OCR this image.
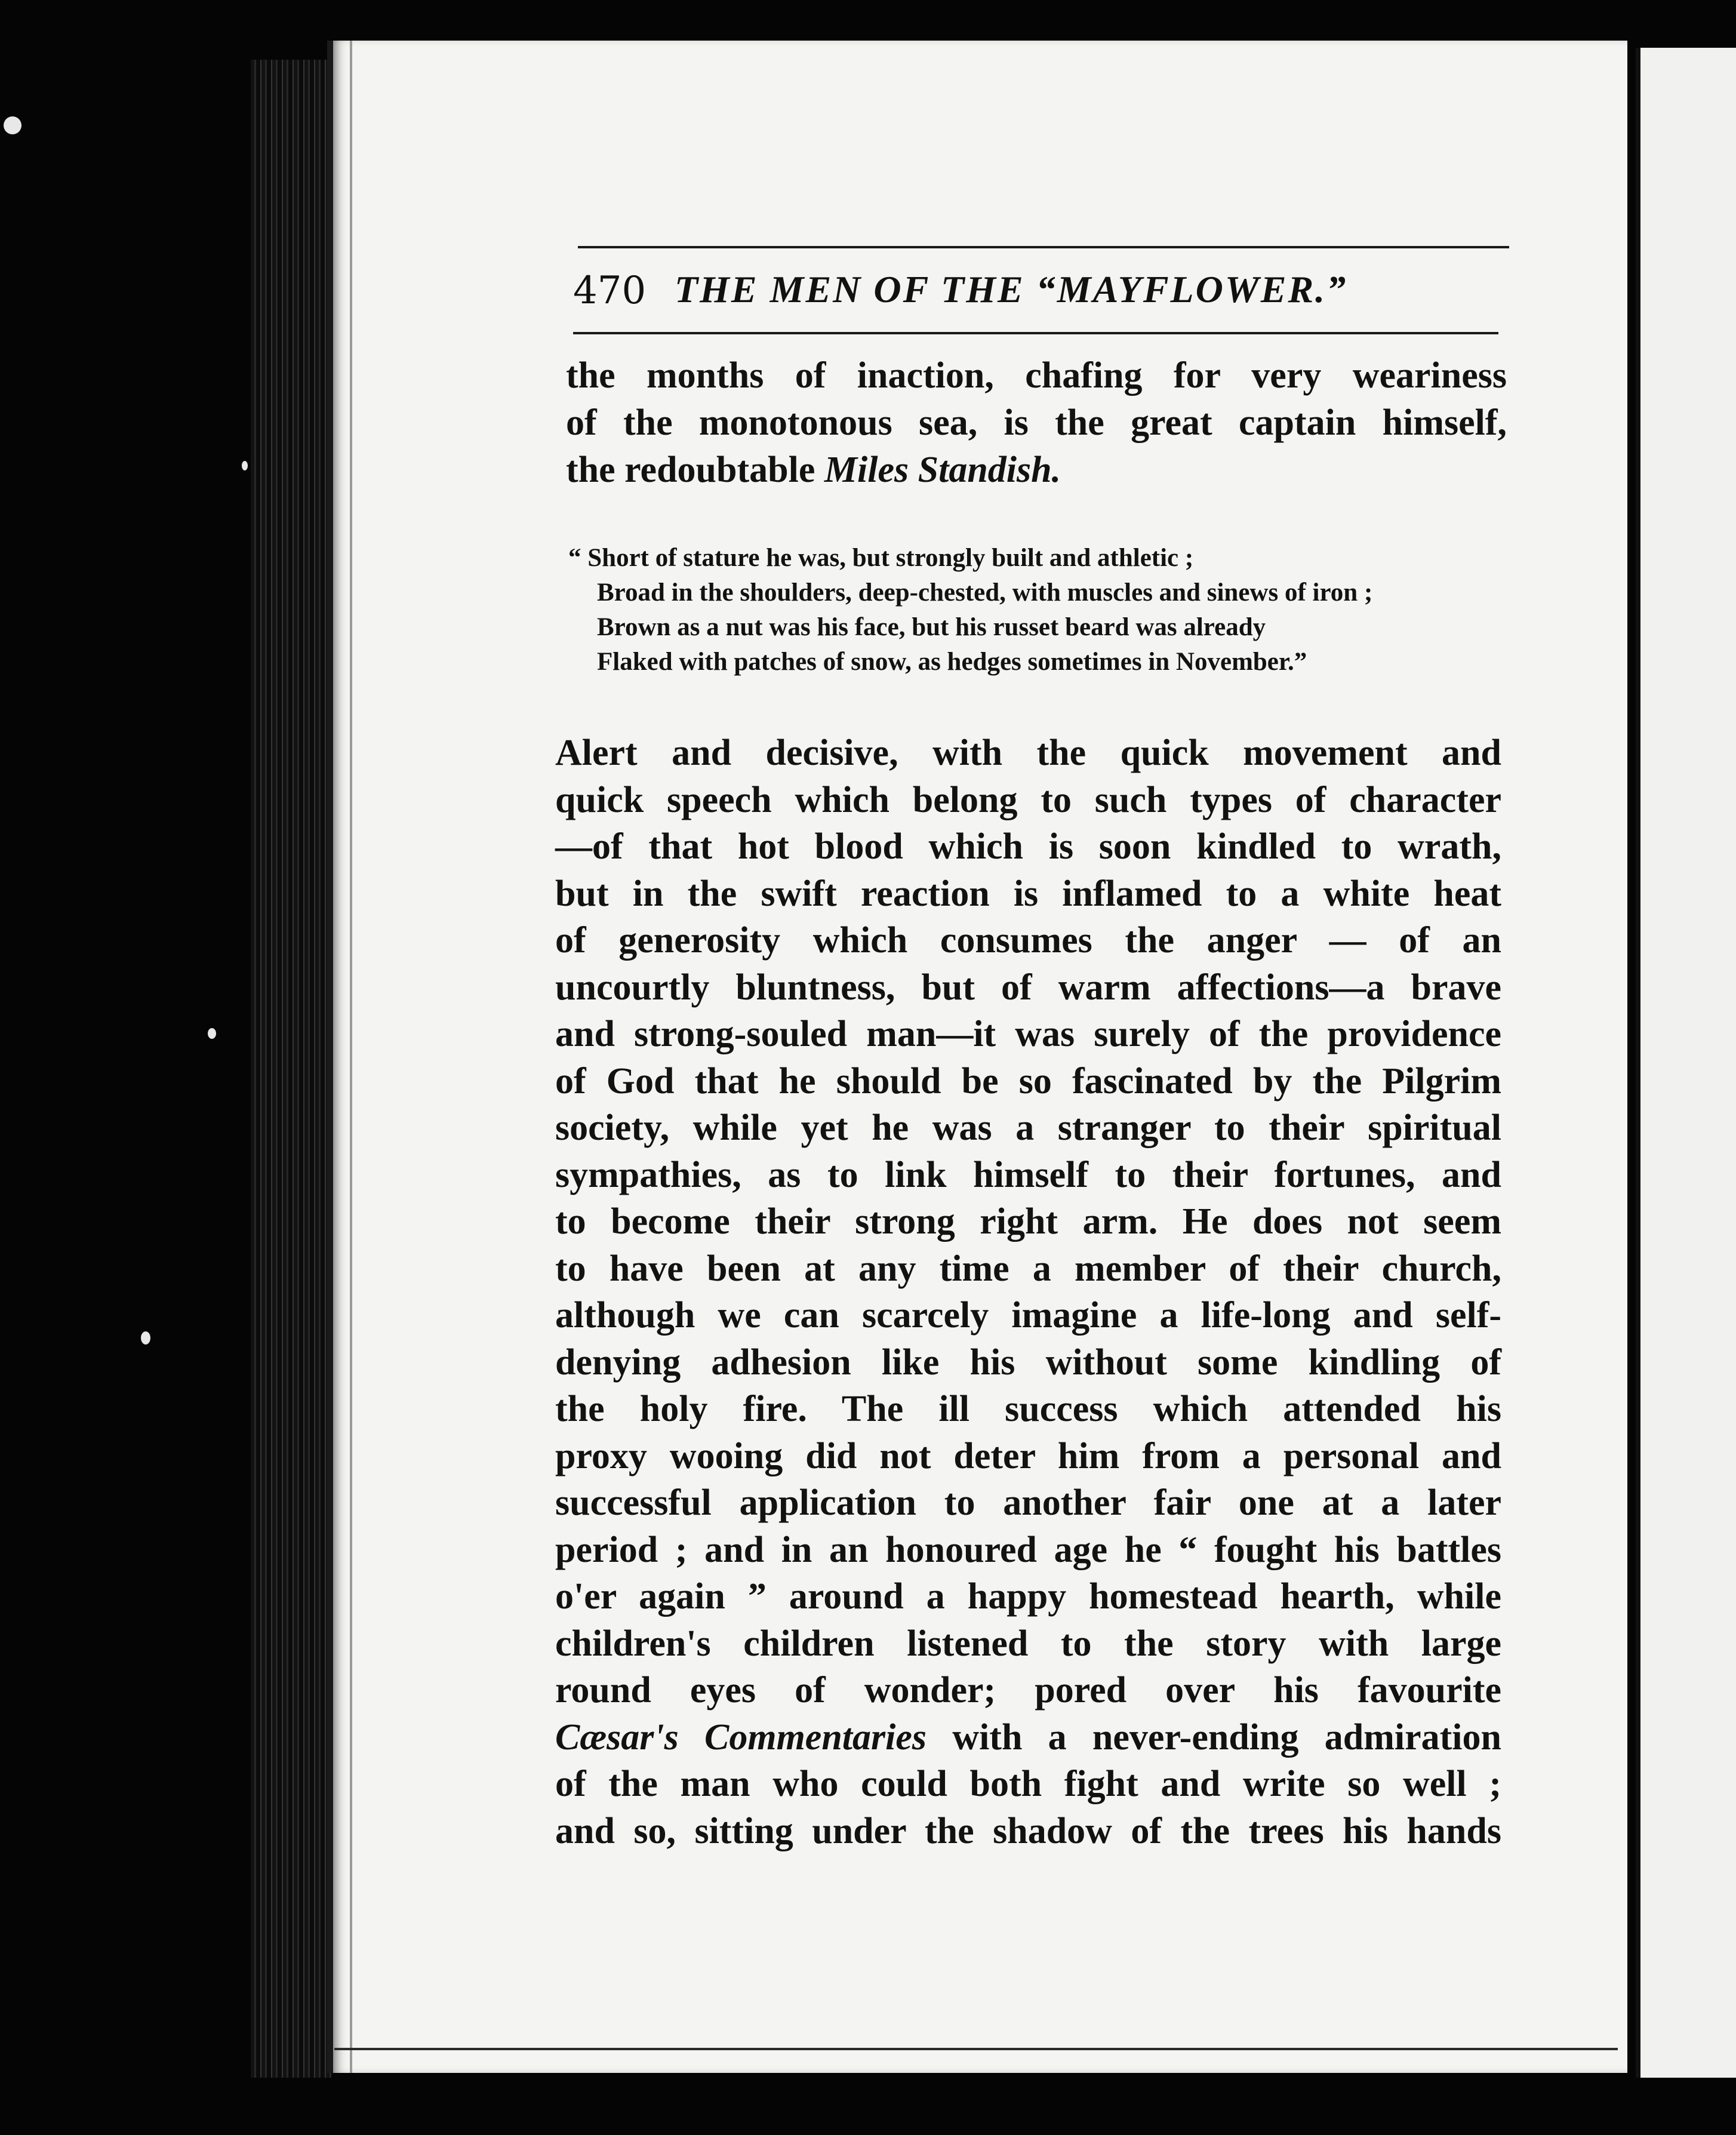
470 THE MEN OF THE “MAYFLOWER.”
the months of inaction, chafing for very weariness
of the monotonous sea, is the great captain himself,
the redoubtable Miles Standish.
“ Short of stature he was, but strongly built and athletic ;
Broad in the shoulders, deep-chested, with muscles and sinews of iron ;
Brown as a nut was his face, but his russet beard was already
Flaked with patches of snow, as hedges sometimes in November.”
Alert and decisive, with the quick movement and
quick speech which belong to such types of character
—of that hot blood which is soon kindled to wrath,
but in the swift reaction is inflamed to a white heat
of generosity which consumes the anger — of an
uncourtly bluntness, but of warm affections—a brave
and strong-souled man—it was surely of the providence
of God that he should be so fascinated by the Pilgrim
society, while yet he was a stranger to their spiritual
sympathies, as to link himself to their fortunes, and
to become their strong right arm. He does not seem
to have been at any time a member of their church,
although we can scarcely imagine a life-long and self-
denying adhesion like his without some kindling of
the holy fire. The ill success which attended his
proxy wooing did not deter him from a personal and
successful application to another fair one at a later
period ; and in an honoured age he “ fought his battles
o'er again ” around a happy homestead hearth, while
children's children listened to the story with large
round eyes of wonder; pored over his favourite
Cæsar's Commentaries with a never-ending admiration
of the man who could both fight and write so well ;
and so, sitting under the shadow of the trees his hands
